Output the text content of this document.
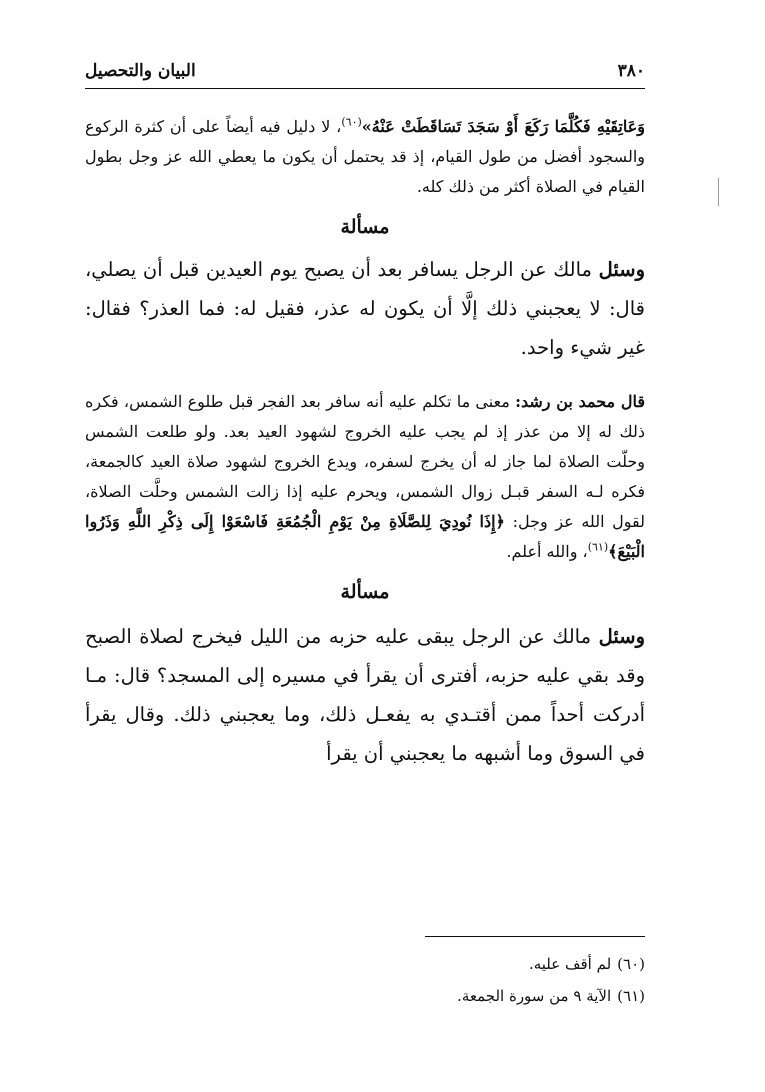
٣٨٠
البيان والتحصيل

وَعَاتِقَيْهِ فَكُلَّمَا رَكَعَ أَوْ سَجَدَ تَسَاقَطَتْ عَنْهُ»$^{(٦٠)}$، لا دليل فيه أيضاً على أن كثرة الركوع والسجود أفضل من طول القيام، إذ قد يحتمل أن يكون ما يعطي الله عز وجل بطول القيام في الصلاة أكثر من ذلك كله.

مسألة

وسئل مالك عن الرجل يسافر بعد أن يصبح يوم العيدين قبل أن يصلي، قال: لا يعجبني ذلك إلَّا أن يكون له عذر، فقيل له: فما العذر؟ فقال: غير شيء واحد.

قال محمد بن رشد: معنى ما تكلم عليه أنه سافر بعد الفجر قبل طلوع الشمس، فكره ذلك له إلا من عذر إذ لم يجب عليه الخروج لشهود العيد بعد. ولو طلعت الشمس وحلّت الصلاة لما جاز له أن يخرج لسفره، ويدع الخروج لشهود صلاة العيد كالجمعة، فكره لـه السفر قبـل زوال الشمس، ويحرم عليه إذا زالت الشمس وحلَّت الصلاة، لقول الله عز وجل: ﴿إِذَا نُودِيَ لِلصَّلَاةِ مِنْ يَوْمِ الْجُمُعَةِ فَاسْعَوْا إِلَى ذِكْرِ اللَّهِ وَذَرُوا الْبَيْعَ﴾$^{(٦١)}$، والله أعلم.

مسألة

وسئل مالك عن الرجل يبقى عليه حزبه من الليل فيخرج لصلاة الصبح وقد بقي عليه حزبه، أفترى أن يقرأ في مسيره إلى المسجد؟ قال: مـا أدركت أحداً ممن أقتـدي به يفعـل ذلك، وما يعجبني ذلك. وقال يقرأ في السوق وما أشبهه ما يعجبني أن يقرأ

(٦٠)لم أقف عليه.

(٦١)الآية ٩ من سورة الجمعة.
